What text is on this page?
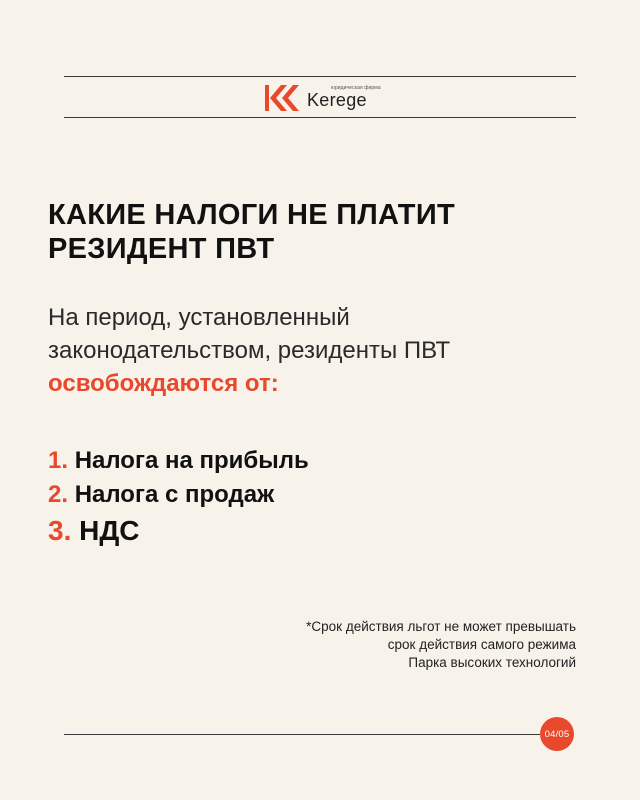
юридическая фирма
Kerege
КАКИЕ НАЛОГИ НЕ ПЛАТИТ
РЕЗИДЕНТ ПВТ

На период, установленный
законодательством, резиденты ПВТ
освобождаются от:

1. Налога на прибыль
2. Налога с продаж
3. НДС

*Срок действия льгот не может превышать
срок действия самого режима
Парка высоких технологий

04/05
